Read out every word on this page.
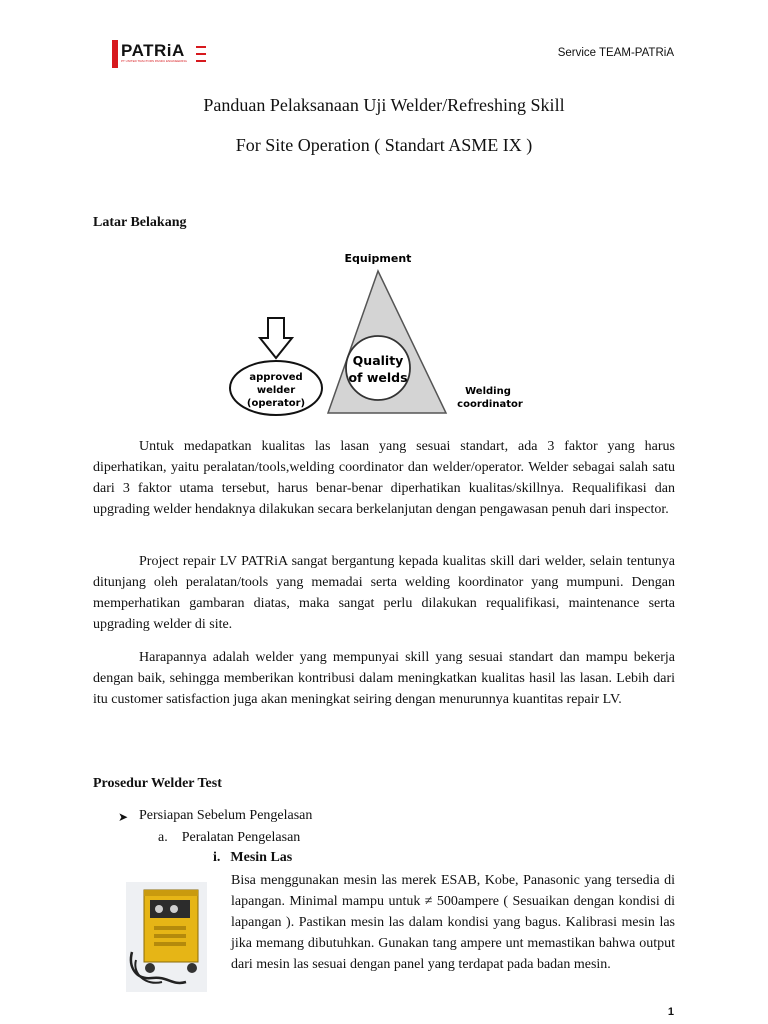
PATRiA
PT UNITED TRACTORS PANDU ENGINEERING
Service TEAM-PATRiA
Panduan Pelaksanaan Uji Welder/Refreshing Skill
For Site Operation ( Standart ASME IX )
Latar Belakang
Equipment
Quality
of welds
approved
welder
(operator)
Welding
coordinator

Untuk medapatkan kualitas las lasan yang sesuai standart, ada 3 faktor yang harus diperhatikan, yaitu peralatan/tools,welding coordinator dan welder/operator. Welder sebagai salah satu dari 3 faktor utama tersebut, harus benar-benar diperhatikan kualitas/skillnya. Requalifikasi dan upgrading welder hendaknya dilakukan secara berkelanjutan dengan pengawasan penuh dari inspector.

Project repair LV PATRiA sangat bergantung kepada kualitas skill dari welder, selain tentunya ditunjang oleh peralatan/tools yang memadai serta welding koordinator yang mumpuni. Dengan memperhatikan gambaran diatas, maka sangat perlu dilakukan requalifikasi, maintenance serta upgrading welder di site.

Harapannya adalah welder yang mempunyai skill yang sesuai standart dan mampu bekerja dengan baik, sehingga memberikan kontribusi dalam meningkatkan kualitas hasil las lasan. Lebih dari itu customer satisfaction juga akan meningkat seiring dengan menurunnya kuantitas repair LV.

Prosedur Welder Test
➤ Persiapan Sebelum Pengelasan
a. Peralatan Pengelasan
i. Mesin Las

Bisa menggunakan mesin las merek ESAB, Kobe, Panasonic yang tersedia di lapangan. Minimal mampu untuk ≠ 500ampere ( Sesuaikan dengan kondisi di lapangan ). Pastikan mesin las dalam kondisi yang bagus. Kalibrasi mesin las jika memang dibutuhkan. Gunakan tang ampere unt memastikan bahwa output dari mesin las sesuai dengan panel yang terdapat pada badan mesin.

1
